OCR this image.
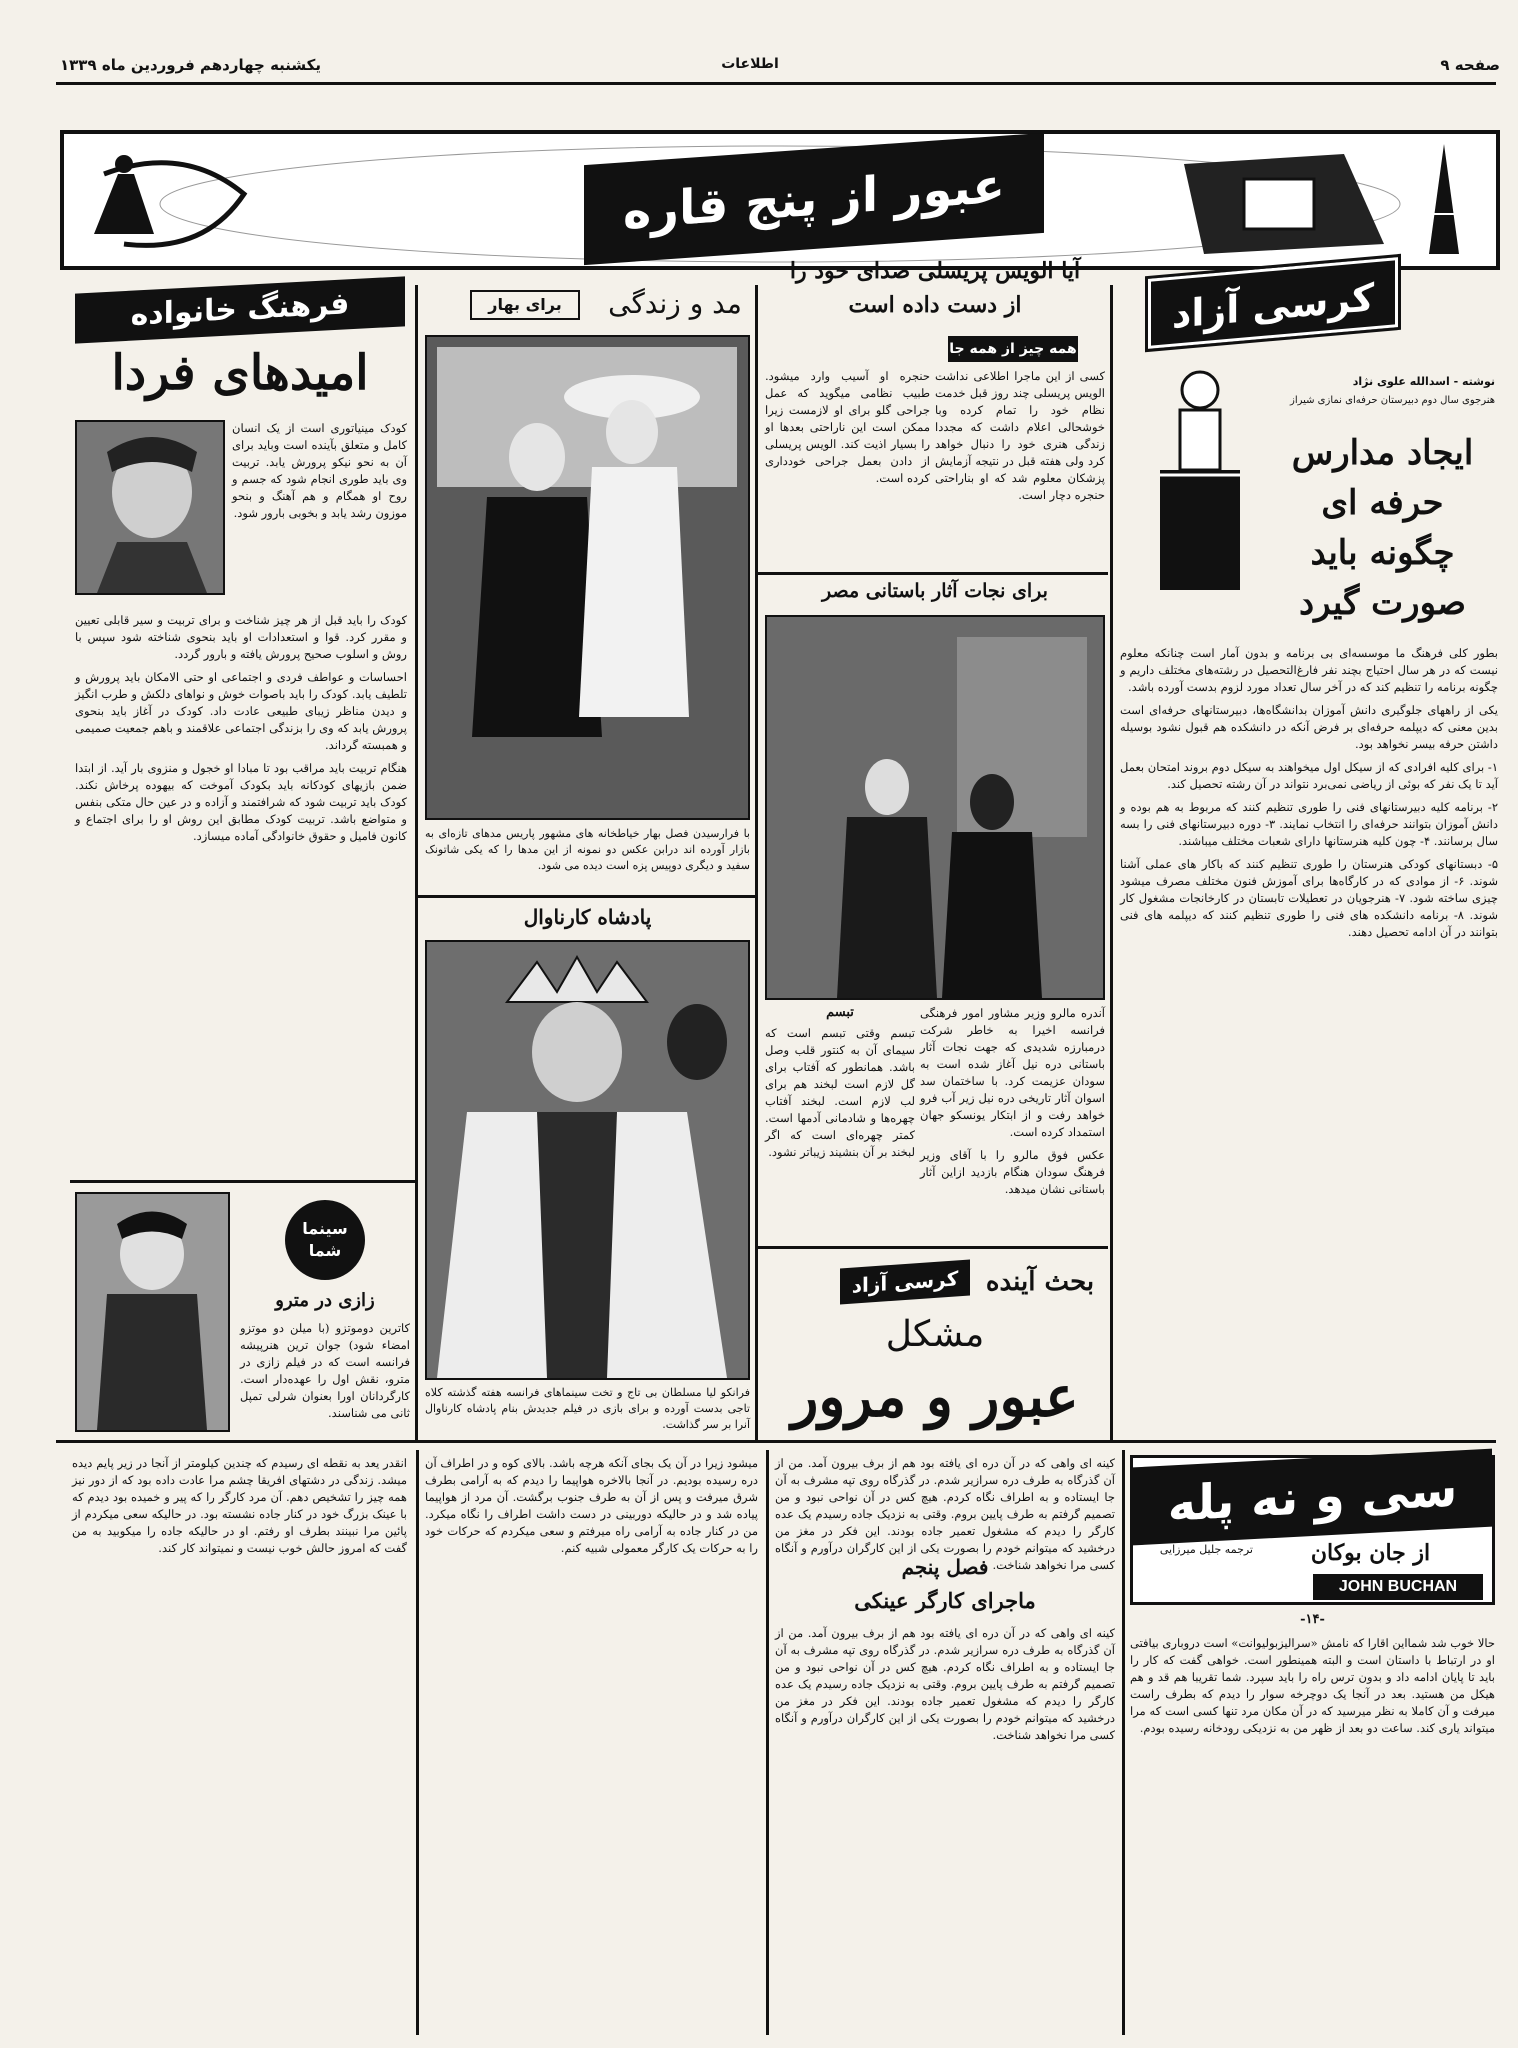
صفحه ۹
اطلاعات
یکشنبه چهاردهم فروردین ماه ۱۳۳۹
عبور از پنج قاره
کرسی آزاد
نوشته - اسدالله علوی نژاد
هنرجوی سال دوم دبیرستان حرفه‌ای نمازی شیراز
ایجاد مدارس
حرفه ای
چگونه باید
صورت گیرد

بطور کلی فرهنگ ما موسسه‌ای بی برنامه و بدون آمار است چنانکه معلوم نیست که در هر سال احتیاج بچند نفر فارغ‌التحصیل در رشته‌های مختلف داریم و چگونه برنامه را تنظیم کند که در آخر سال تعداد مورد لزوم بدست آورده باشد.

یکی از راههای جلوگیری دانش آموزان بدانشگاه‌ها، دبیرستانهای حرفه‌ای است بدین معنی که دیپلمه حرفه‌ای بر فرض آنکه در دانشکده هم قبول نشود بوسیله داشتن حرفه بیسر نخواهد بود.

۱- برای کلیه افرادی که از سیکل اول میخواهند به سیکل دوم بروند امتحان بعمل آید تا یک نفر که بوئی از ریاضی نمی‌برد نتواند در آن رشته تحصیل کند.

۲- برنامه کلیه دبیرستانهای فنی را طوری تنظیم کنند که مربوط به هم بوده و دانش آموزان بتوانند حرفه‌ای را انتخاب نمایند. ۳- دوره دبیرستانهای فنی را بسه سال برسانند. ۴- چون کلیه هنرستانها دارای شعبات مختلف میباشند.

۵- دبستانهای کودکی هنرستان را طوری تنظیم کنند که باکار های عملی آشنا شوند. ۶- از موادی که در کارگاه‌ها برای آموزش فنون مختلف مصرف میشود چیزی ساخته شود. ۷- هنرجویان در تعطیلات تابستان در کارخانجات مشغول کار شوند. ۸- برنامه دانشکده های فنی را طوری تنظیم کنند که دیپلمه های فنی بتوانند در آن ادامه تحصیل دهند.

آیا الویس پریسلی صدای خود را
از دست داده است
همه چیز از همه جا
کسی از این ماجرا اطلاعی نداشت الویس پریسلی چند روز قبل خدمت نظام خود را تمام کرده وبا خوشحالی اعلام داشت که مجددا زندگی هنری خود را دنبال خواهد کرد ولی هفته قبل در نتیجه آزمایش پزشکان معلوم شد که او بناراحتی حنجره دچار است.
حنجره او آسیب وارد میشود. طبیب نظامی میگوید که عمل جراحی گلو برای او لازمست زیرا ممکن است این ناراحتی بعدها او را بسیار اذیت کند. الویس پریسلی از دادن بعمل جراحی خودداری کرده است.
برای نجات آثار باستانی مصر

آندره مالرو وزیر مشاور امور فرهنگی فرانسه اخیرا به خاطر شرکت درمبارزه شدیدی که جهت نجات آثار باستانی دره نیل آغاز شده است به سودان عزیمت کرد. با ساختمان سد اسوان آثار تاریخی دره نیل زیر آب فرو خواهد رفت و از ابتکار یونسکو جهان استمداد کرده است.

عکس فوق مالرو را با آقای وزیر فرهنگ سودان هنگام بازدید ازاین آثار باستانی نشان میدهد.

تبسم
تبسم وقتی تبسم است که سیمای آن به کنتور قلب وصل باشد. همانطور که آفتاب برای گل لازم است لبخند هم برای لب لازم است. لبخند آفتاب چهره‌ها و شادمانی آدمها است. کمتر چهره‌ای است که اگر لبخند بر آن بنشیند زیباتر نشود.
بحث آینده
کرسی آزاد
مشکل
عبور و مرور
مد و زندگی
برای بهار
با فرارسیدن فصل بهار خیاطخانه های مشهور پاریس مدهای تازه‌ای به بازار آورده اند درابن عکس دو نمونه از این مدها را که یکی شاتونک سفید و دیگری دوپیس پزه است دیده می شود.
پادشاه کارناوال
فرانکو لیا مسلطان بی تاج و تخت سینماهای فرانسه هفته گذشته کلاه تاجی بدست آورده و برای بازی در فیلم جدیدش بنام پادشاه کارناوال آنرا بر سر گذاشت.
فرهنگ خانواده
امیدهای فردا
کودک مینیاتوری است از یک انسان کامل و متعلق بآینده است وباید برای آن به نحو نیکو پرورش یابد. تربیت وی باید طوری انجام شود که جسم و روح او همگام و هم آهنگ و بنحو موزون رشد یابد و بخوبی بارور شود.

کودک را باید قبل از هر چیز شناخت و برای تربیت و سیر قابلی تعیین و مقرر کرد. قوا و استعدادات او باید بنحوی شناخته شود سپس با روش و اسلوب صحیح پرورش یافته و بارور گردد.

احساسات و عواطف فردی و اجتماعی او حتی الامکان باید پرورش و تلطیف یابد. کودک را باید باصوات خوش و نواهای دلکش و طرب انگیز و دیدن مناظر زیبای طبیعی عادت داد. کودک در آغاز باید بنحوی پرورش یابد که وی را بزندگی اجتماعی علاقمند و باهم جمعیت صمیمی و همبسته گرداند.

هنگام تربیت باید مراقب بود تا مبادا او خجول و منزوی بار آید. از ابتدا ضمن بازیهای کودکانه باید بکودک آموخت که بیهوده پرخاش نکند. کودک باید تربیت شود که شرافتمند و آزاده و در عین حال متکی بنفس و متواضع باشد. تربیت کودک مطابق این روش او را برای اجتماع و کانون فامیل و حقوق خانوادگی آماده میسازد.

سینما شما
زازی در مترو
کاترین دوموتزو (با میلن دو موتزو امضاء شود) جوان ترین هنرپیشه فرانسه است که در فیلم زازی در مترو، نقش اول را عهده‌دار است. کارگردانان اورا بعنوان شرلی تمپل ثانی می شناسند.
سی و نه پله
از جان بوکان
ترجمه جلیل میرزایی
JOHN BUCHAN
-۱۴-
حالا خوب شد شمااین اقارا که نامش «سرالیزبولیوانت» است دروباری بیافتی او در ارتباط با داستان است و البته همینطور است. خواهی گفت که کار را باید تا پایان ادامه داد و بدون ترس راه را باید سپرد. شما تقریبا هم قد و هم هیکل من هستید. بعد در آنجا یک دوچرخه سوار را دیدم که بطرف راست میرفت و آن کاملا به نظر میرسید که در آن مکان مرد تنها کسی است که مرا میتواند یاری کند. ساعت دو بعد از ظهر من به نزدیکی رودخانه رسیده بودم.
کینه ای واهی که در آن دره ای یافته بود هم از برف بیرون آمد. من از آن گذرگاه به طرف دره سرازیر شدم. در گذرگاه روی تپه مشرف به آن جا ایستاده و به اطراف نگاه کردم. هیچ کس در آن نواحی نبود و من تصمیم گرفتم به طرف پایین بروم. وقتی به نزدیک جاده رسیدم یک عده کارگر را دیدم که مشغول تعمیر جاده بودند. این فکر در مغز من درخشید که میتوانم خودم را بصورت یکی از این کارگران درآورم و آنگاه کسی مرا نخواهد شناخت.
فصل پنجم
ماجرای کارگر عینکی

کینه ای واهی که در آن دره ای یافته بود هم از برف بیرون آمد. من از آن گذرگاه به طرف دره سرازیر شدم. در گذرگاه روی تپه مشرف به آن جا ایستاده و به اطراف نگاه کردم. هیچ کس در آن نواحی نبود و من تصمیم گرفتم به طرف پایین بروم. وقتی به نزدیک جاده رسیدم یک عده کارگر را دیدم که مشغول تعمیر جاده بودند. این فکر در مغز من درخشید که میتوانم خودم را بصورت یکی از این کارگران درآورم و آنگاه کسی مرا نخواهد شناخت.

میشود زیرا در آن یک بجای آنکه هرچه باشد. بالای کوه و در اطراف آن دره رسیده بودیم. در آنجا بالاخره هواپیما را دیدم که به آرامی بطرف شرق میرفت و پس از آن به طرف جنوب برگشت. آن مرد از هواپیما پیاده شد و در حالیکه دوربینی در دست داشت اطراف را نگاه میکرد. من در کنار جاده به آرامی راه میرفتم و سعی میکردم که حرکات خود را به حرکات یک کارگر معمولی شبیه کنم.
انقدر یعد به نقطه ای رسیدم که چندین کیلومتر از آنجا در زیر پایم دیده میشد. زندگی در دشتهای افریقا چشم مرا عادت داده بود که از دور نیز همه چیز را تشخیص دهم. آن مرد کارگر را که پیر و خمیده بود دیدم که با عینک بزرگ خود در کنار جاده نشسته بود. در حالیکه سعی میکردم از پائین مرا نبینند بطرف او رفتم. او در حالیکه جاده را میکوبید به من گفت که امروز حالش خوب نیست و نمیتواند کار کند.
